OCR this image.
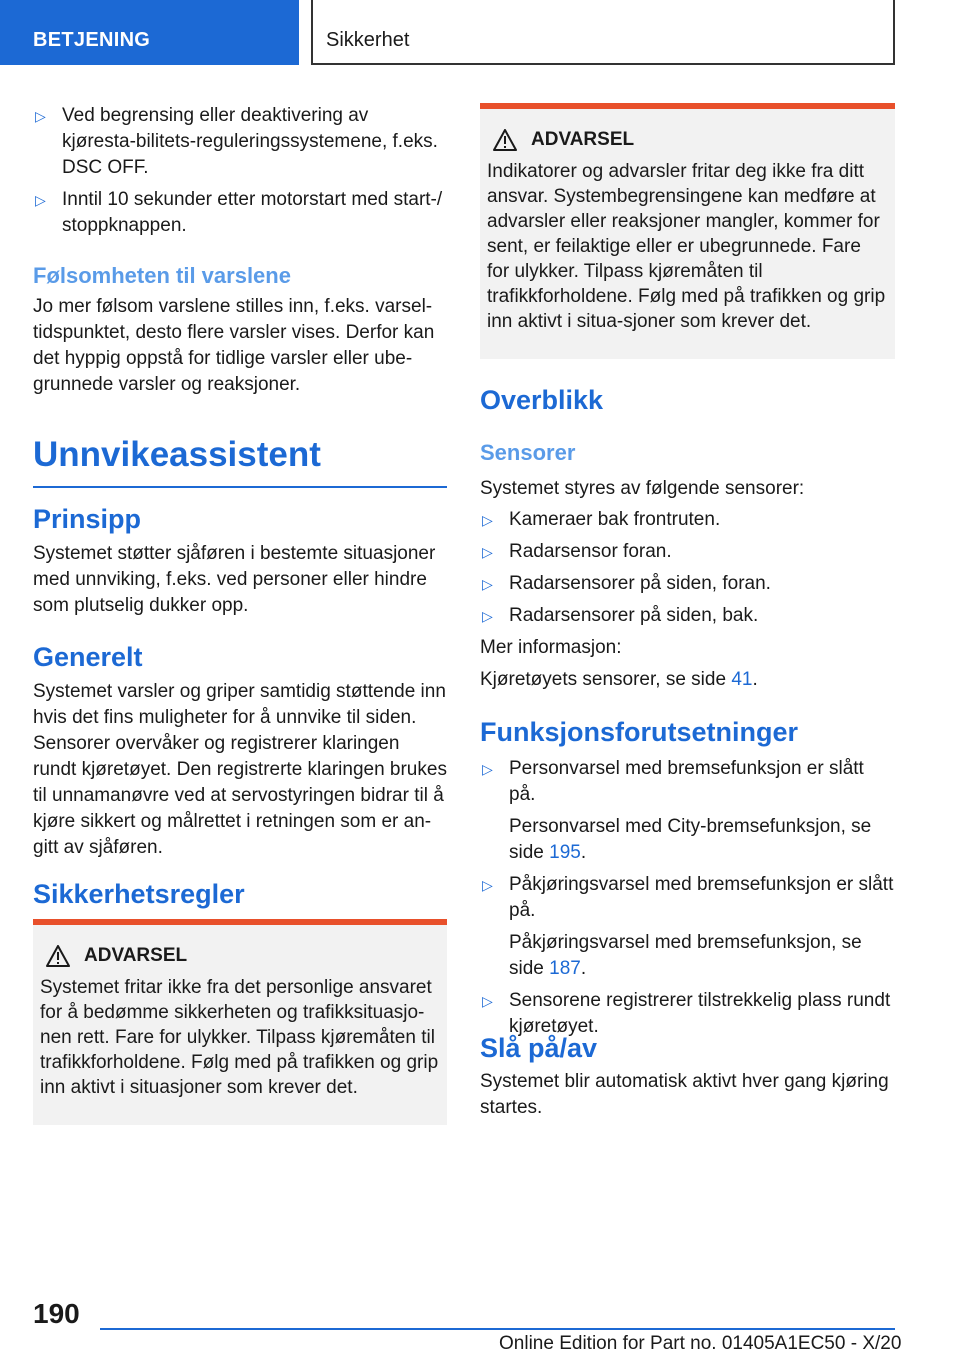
BETJENING	Sikkerhet
▷ Ved begrensing eller deaktivering av kjøresta-bilitets-reguleringssystemene, f.eks. DSC OFF.
▷ Inntil 10 sekunder etter motorstart med start-/ stoppknappen.
Følsomheten til varslene
Jo mer følsom varslene stilles inn, f.eks. varsel-tidspunktet, desto flere varsler vises. Derfor kan det hyppig oppstå for tidlige varsler eller ube-grunnede varsler og reaksjoner.
Unnvikeassistent
Prinsipp
Systemet støtter sjåføren i bestemte situasjoner med unnviking, f.eks. ved personer eller hindre som plutselig dukker opp.
Generelt
Systemet varsler og griper samtidig støttende inn hvis det fins muligheter for å unnvike til siden. Sensorer overvåker og registrerer klaringen rundt kjøretøyet. Den registrerte klaringen brukes til unnamanøvre ved at servostyringen bidrar til å kjøre sikkert og målrettet i retningen som er an-gitt av sjåføren.
Sikkerhetsregler
ADVARSEL
Systemet fritar ikke fra det personlige ansvaret for å bedømme sikkerheten og trafikksituasjo-nen rett. Fare for ulykker. Tilpass kjøremåten til trafikkforholdene. Følg med på trafikken og grip inn aktivt i situasjoner som krever det.
ADVARSEL
Indikatorer og advarsler fritar deg ikke fra ditt ansvar. Systembegrensingene kan medføre at advarsler eller reaksjoner mangler, kommer for sent, er feilaktige eller er ubegrunnede. Fare for ulykker. Tilpass kjøremåten til trafikkforholdene. Følg med på trafikken og grip inn aktivt i situa-sjoner som krever det.
Overblikk
Sensorer
Systemet styres av følgende sensorer:
▷ Kameraer bak frontruten.
▷ Radarsensor foran.
▷ Radarsensorer på siden, foran.
▷ Radarsensorer på siden, bak.
Mer informasjon:
Kjøretøyets sensorer, se side 41.
Funksjonsforutsetninger
▷ Personvarsel med bremsefunksjon er slått på.
Personvarsel med City-bremsefunksjon, se side 195.
▷ Påkjøringsvarsel med bremsefunksjon er slått på.
Påkjøringsvarsel med bremsefunksjon, se side 187.
▷ Sensorene registrerer tilstrekkelig plass rundt kjøretøyet.
Slå på/av
Systemet blir automatisk aktivt hver gang kjøring startes.
190
Online Edition for Part no. 01405A1EC50 - X/20
